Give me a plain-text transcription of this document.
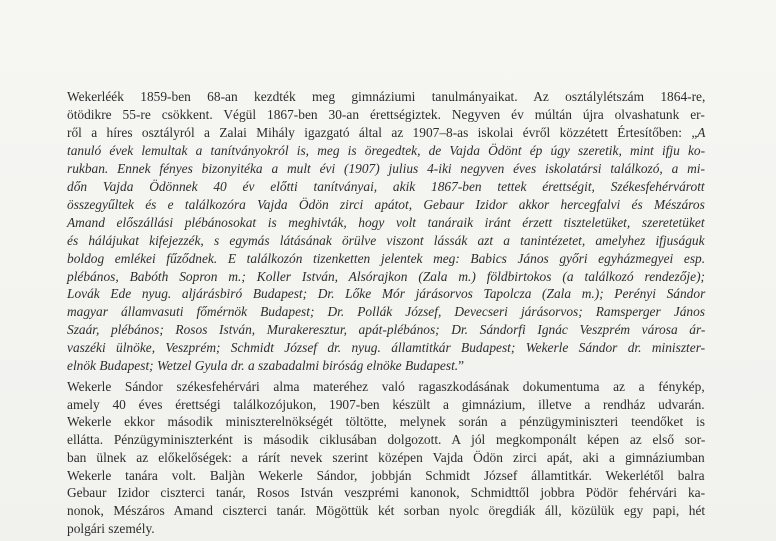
Wekerléék 1859-ben 68-an kezdték meg gimnáziumi tanulmányaikat. Az osztálylétszám 1864-re,
ötödikre 55-re csökkent. Végül 1867-ben 30-an érettségiztek. Negyven év múltán újra olvashatunk er-
ről a híres osztályról a Zalai Mihály igazgató által az 1907–8-as iskolai évről közzétett Értesítőben: „A
tanuló évek lemultak a tanítványokról is, meg is öregedtek, de Vajda Ödönt ép úgy szeretik, mint ifju ko-
rukban. Ennek fényes bizonyitéka a mult évi (1907) julius 4-iki negyven éves iskolatársi találkozó, a mi-
dőn Vajda Ödönnek 40 év előtti tanítványai, akik 1867-ben tettek érettségit, Székesfehérvárott
összegyűltek és e találkozóra Vajda Ödön zirci apátot, Gebaur Izidor akkor hercegfalvi és Mészáros
Amand előszállási plébánosokat is meghivták, hogy volt tanáraik iránt érzett tiszteletüket, szeretetüket
és hálájukat kifejezzék, s egymás látásának örülve viszont lássák azt a tanintézetet, amelyhez ifjuságuk
boldog emlékei fűződnek. E találkozón tizenketten jelentek meg: Babics János győri egyházmegyei esp.
plébános, Babóth Sopron m.; Koller István, Alsórajkon (Zala m.) földbirtokos (a találkozó rendezője);
Lovák Ede nyug. aljárásbiró Budapest; Dr. Lőke Mór járásorvos Tapolcza (Zala m.); Perényi Sándor
magyar államvasuti főmérnök Budapest; Dr. Pollák József, Devecseri járásorvos; Ramsperger János
Szaár, plébános; Rosos István, Murakeresztur, apát-plébános; Dr. Sándorfi Ignác Veszprém városa ár-
vaszéki ülnöke, Veszprém; Schmidt József dr. nyug. államtitkár Budapest; Wekerle Sándor dr. miniszter-
elnök Budapest; Wetzel Gyula dr. a szabadalmi biróság elnöke Budapest.”
Wekerle Sándor székesfehérvári alma materéhez való ragaszkodásának dokumentuma az a fénykép,
amely 40 éves érettségi találkozójukon, 1907-ben készült a gimnázium, illetve a rendház udvarán.
Wekerle ekkor második miniszterelnökségét töltötte, melynek során a pénzügyminiszteri teendőket is
ellátta. Pénzügyminiszterként is második ciklusában dolgozott. A jól megkomponált képen az első sor-
ban ülnek az előkelőségek: a rárít nevek szerint középen Vajda Ödön zirci apát, aki a gimnáziumban
Wekerle tanára volt. Baljàn Wekerle Sándor, jobbján Schmidt József államtitkár. Wekerlétől balra
Gebaur Izidor ciszterci tanár, Rosos István veszprémi kanonok, Schmidttől jobbra Pödör fehérvári ka-
nonok, Mészáros Amand ciszterci tanár. Mögöttük két sorban nyolc öregdiák áll, közülük egy papi, hét
polgári személy.
